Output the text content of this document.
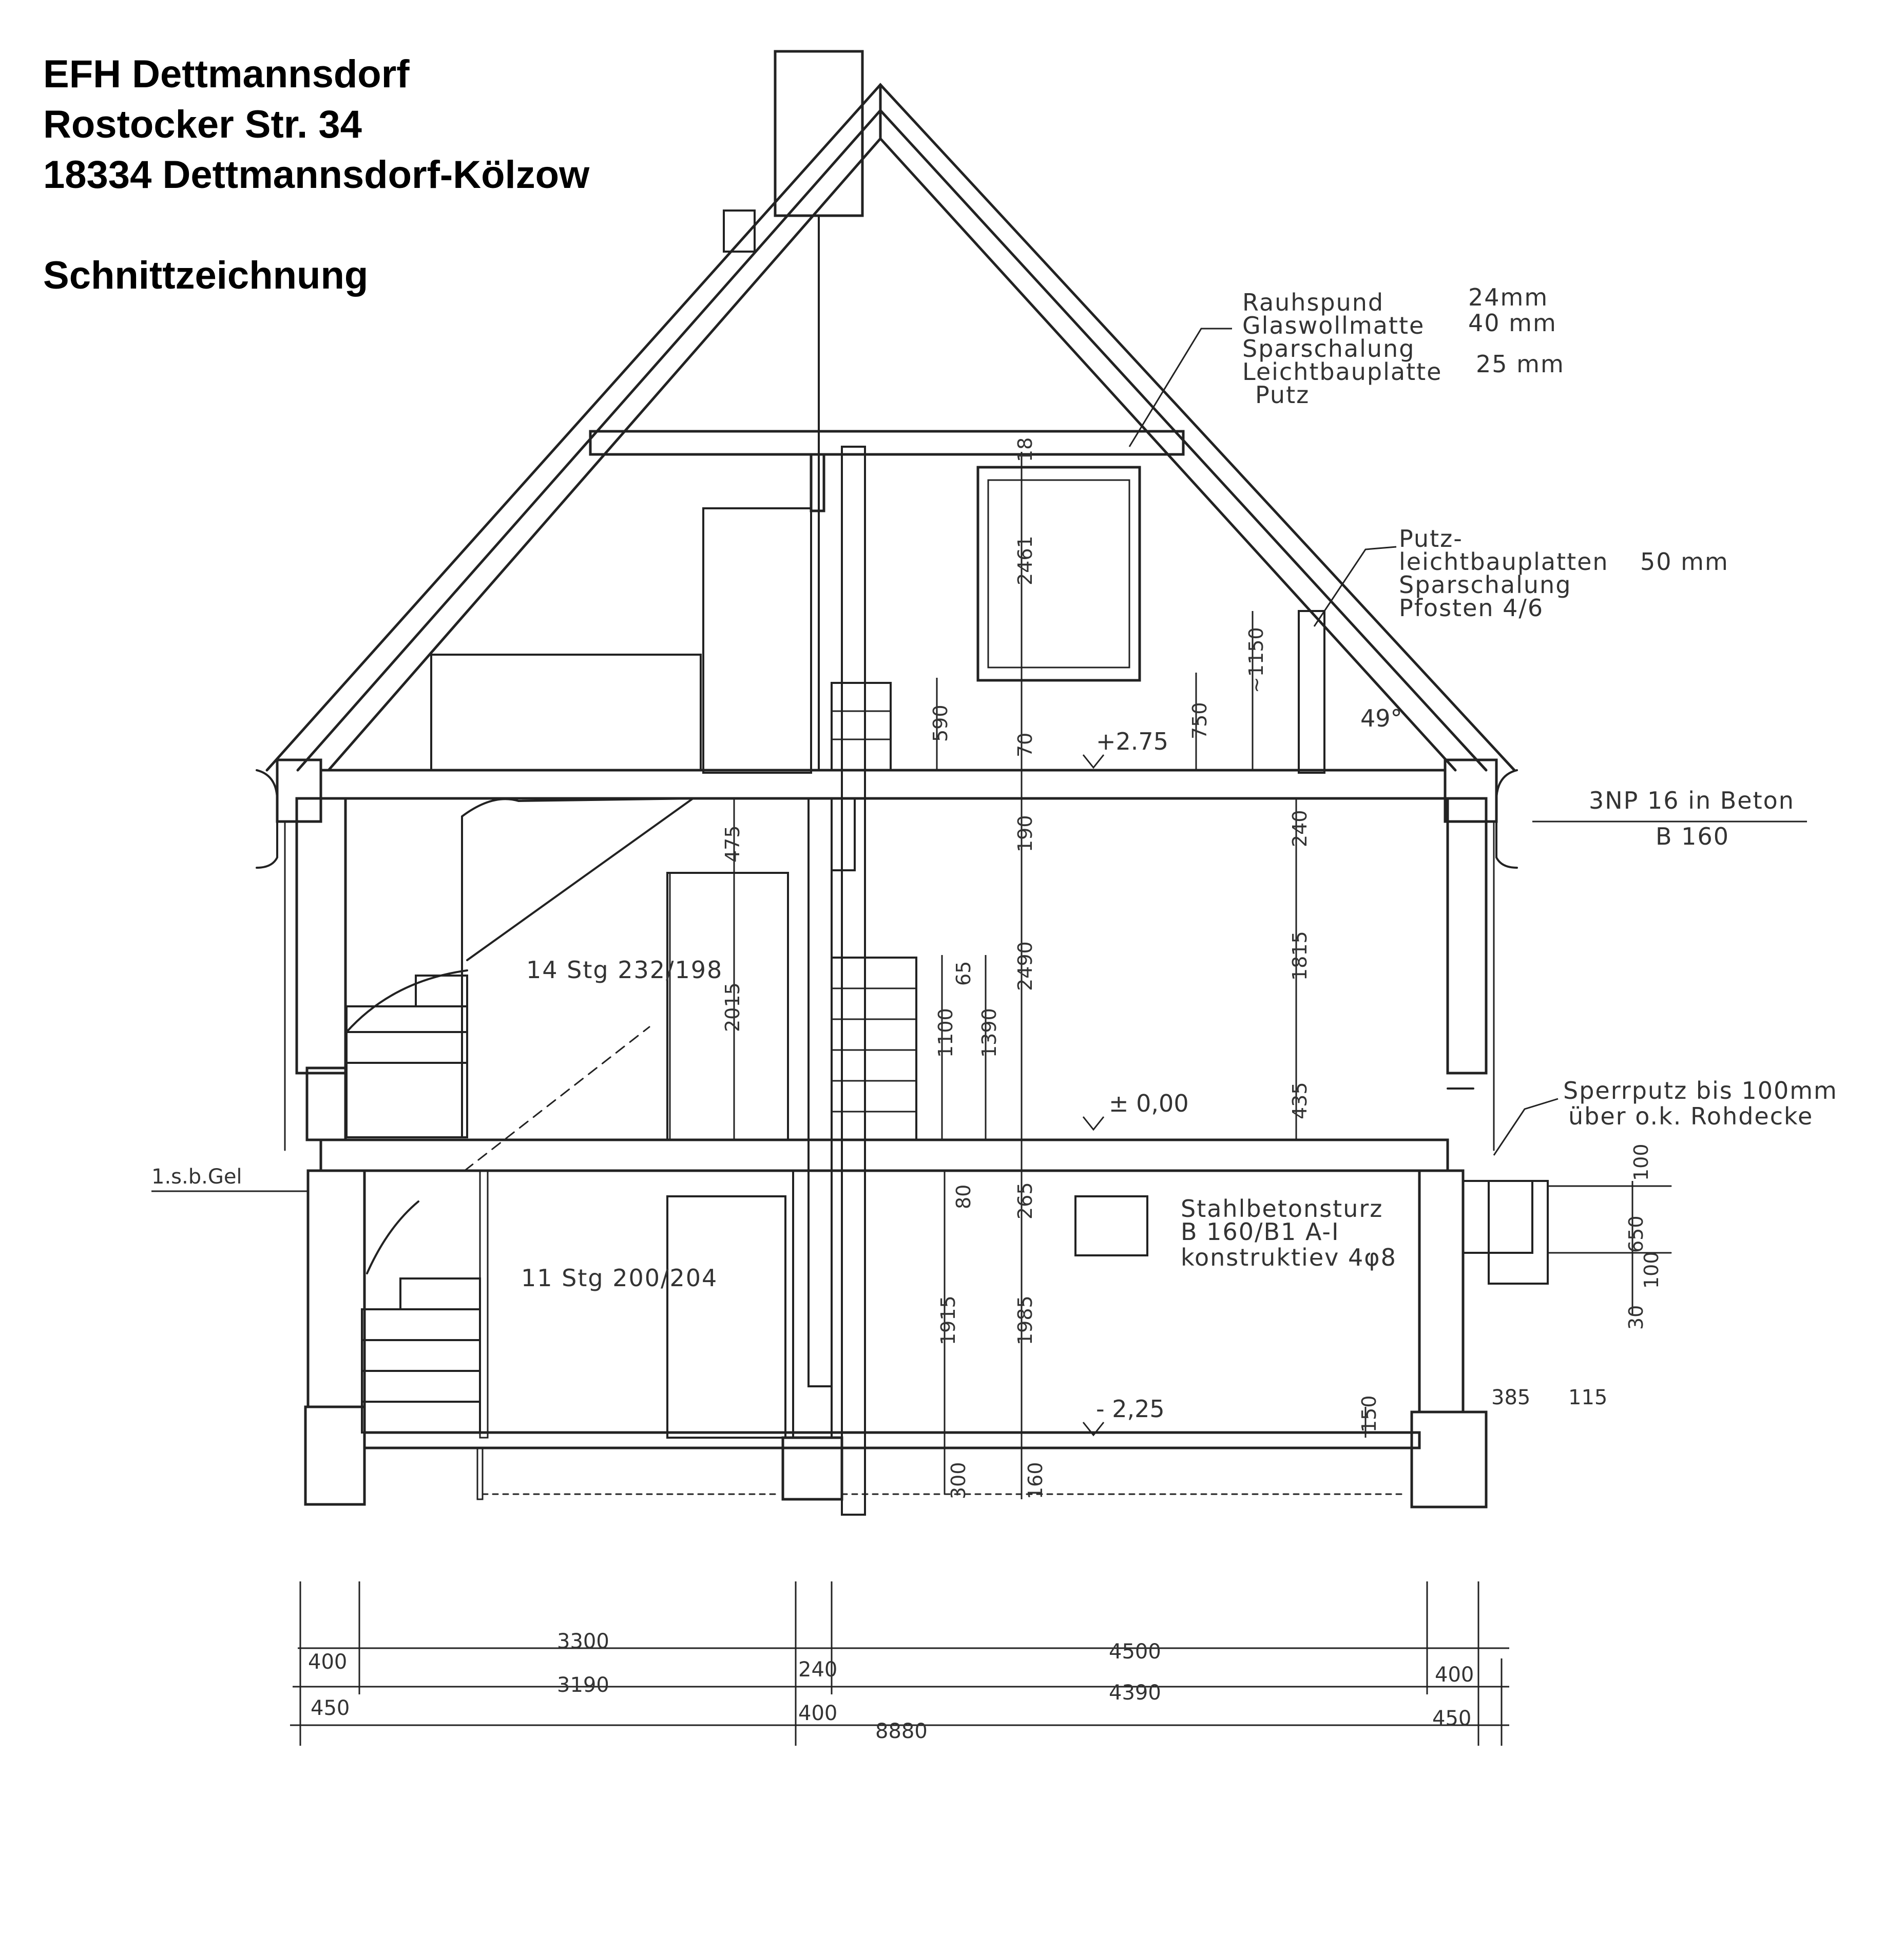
EFH Dettmannsdorf
Rostocker Str. 34
18334 Dettmannsdorf-Kölzow
Schnittzeichnung
2461
590
70
750
~1150
18
475
2015
190
2490
65
1100 1390
240
1815
435
80 265
1915	1985
150
300	160
100
650
100
30
385 115
+2.75
± 0,00
- 2,25
Rauhspund
Glaswollmatte
Sparschalung
Leichtbauplatte
Putz
24mm
40 mm
25 mm
Putz-
leichtbauplatten
Sparschalung
Pfosten 4/6
50 mm
49°
3NP 16 in Beton
B 160
Sperrputz bis 100mm
über o.k. Rohdecke
Stahlbetonsturz
B 160/B1 A-I
konstruktiev 4φ8
14 Stg 232/198
11 Stg 200/204
1.s.b.Gel
400
3300
240
4500
400
450
3190
400
4390
450
8880
